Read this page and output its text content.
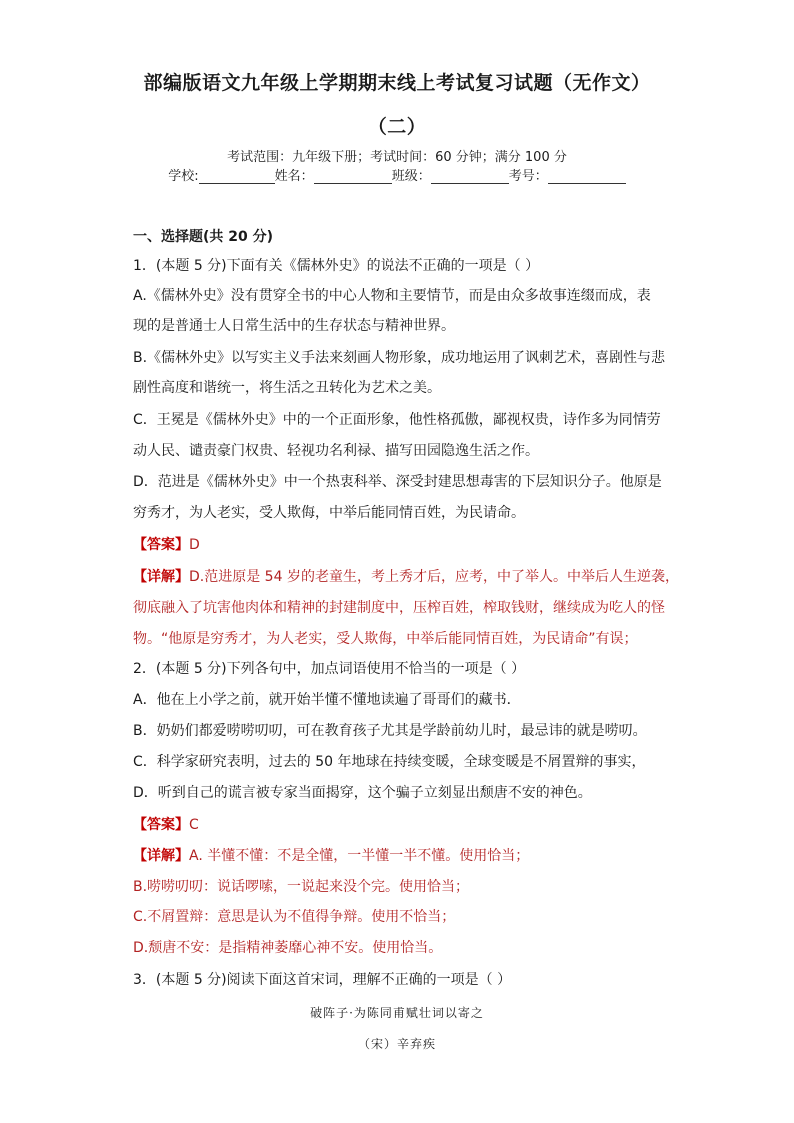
部编版语文九年级上学期期末线上考试复习试题（无作文）
（二）
考试范围：九年级下册；考试时间：60 分钟；满分 100 分
学校:	姓名：	班级：	考号：
一、选择题(共 20 分)
1．(本题 5 分)下面有关《儒林外史》的说法不正确的一项是（ ）
A.《儒林外史》没有贯穿全书的中心人物和主要情节，而是由众多故事连缀而成，表
现的是普通士人日常生活中的生存状态与精神世界。
B.《儒林外史》以写实主义手法来刻画人物形象，成功地运用了讽刺艺术，喜剧性与悲
剧性高度和谐统一，将生活之丑转化为艺术之美。
C．王冕是《儒林外史》中的一个正面形象，他性格孤傲，鄙视权贵，诗作多为同情劳
动人民、谴责豪门权贵、轻视功名利禄、描写田园隐逸生活之作。
D．范进是《儒林外史》中一个热衷科举、深受封建思想毒害的下层知识分子。他原是
穷秀才，为人老实，受人欺侮，中举后能同情百姓，为民请命。
【答案】D
【详解】D.范进原是 54 岁的老童生，考上秀才后，应考，中了举人。中举后人生逆袭，
彻底融入了坑害他肉体和精神的封建制度中，压榨百姓，榨取钱财，继续成为吃人的怪
物。“他原是穷秀才，为人老实，受人欺侮，中举后能同情百姓，为民请命”有误；
2．(本题 5 分)下列各句中，加点词语使用不恰当的一项是（ ）
A．他在上小学之前，就开始半懂不懂地读遍了哥哥们的藏书．
B．奶奶们都爱唠唠叨叨，可在教育孩子尤其是学龄前幼儿时，最忌讳的就是唠叨。
C．科学家研究表明，过去的 50 年地球在持续变暖，全球变暖是不屑置辩的事实，
D．听到自己的谎言被专家当面揭穿，这个骗子立刻显出颓唐不安的神色。
【答案】C
【详解】A. 半懂不懂：不是全懂，一半懂一半不懂。使用恰当；
B.唠唠叨叨：说话啰嗦，一说起来没个完。使用恰当；
C.不屑置辩：意思是认为不值得争辩。使用不恰当；
D.颓唐不安：是指精神萎靡心神不安。使用恰当。
3．(本题 5 分)阅读下面这首宋词，理解不正确的一项是（ ）
破阵子·为陈同甫赋壮词以寄之
（宋）辛弃疾
